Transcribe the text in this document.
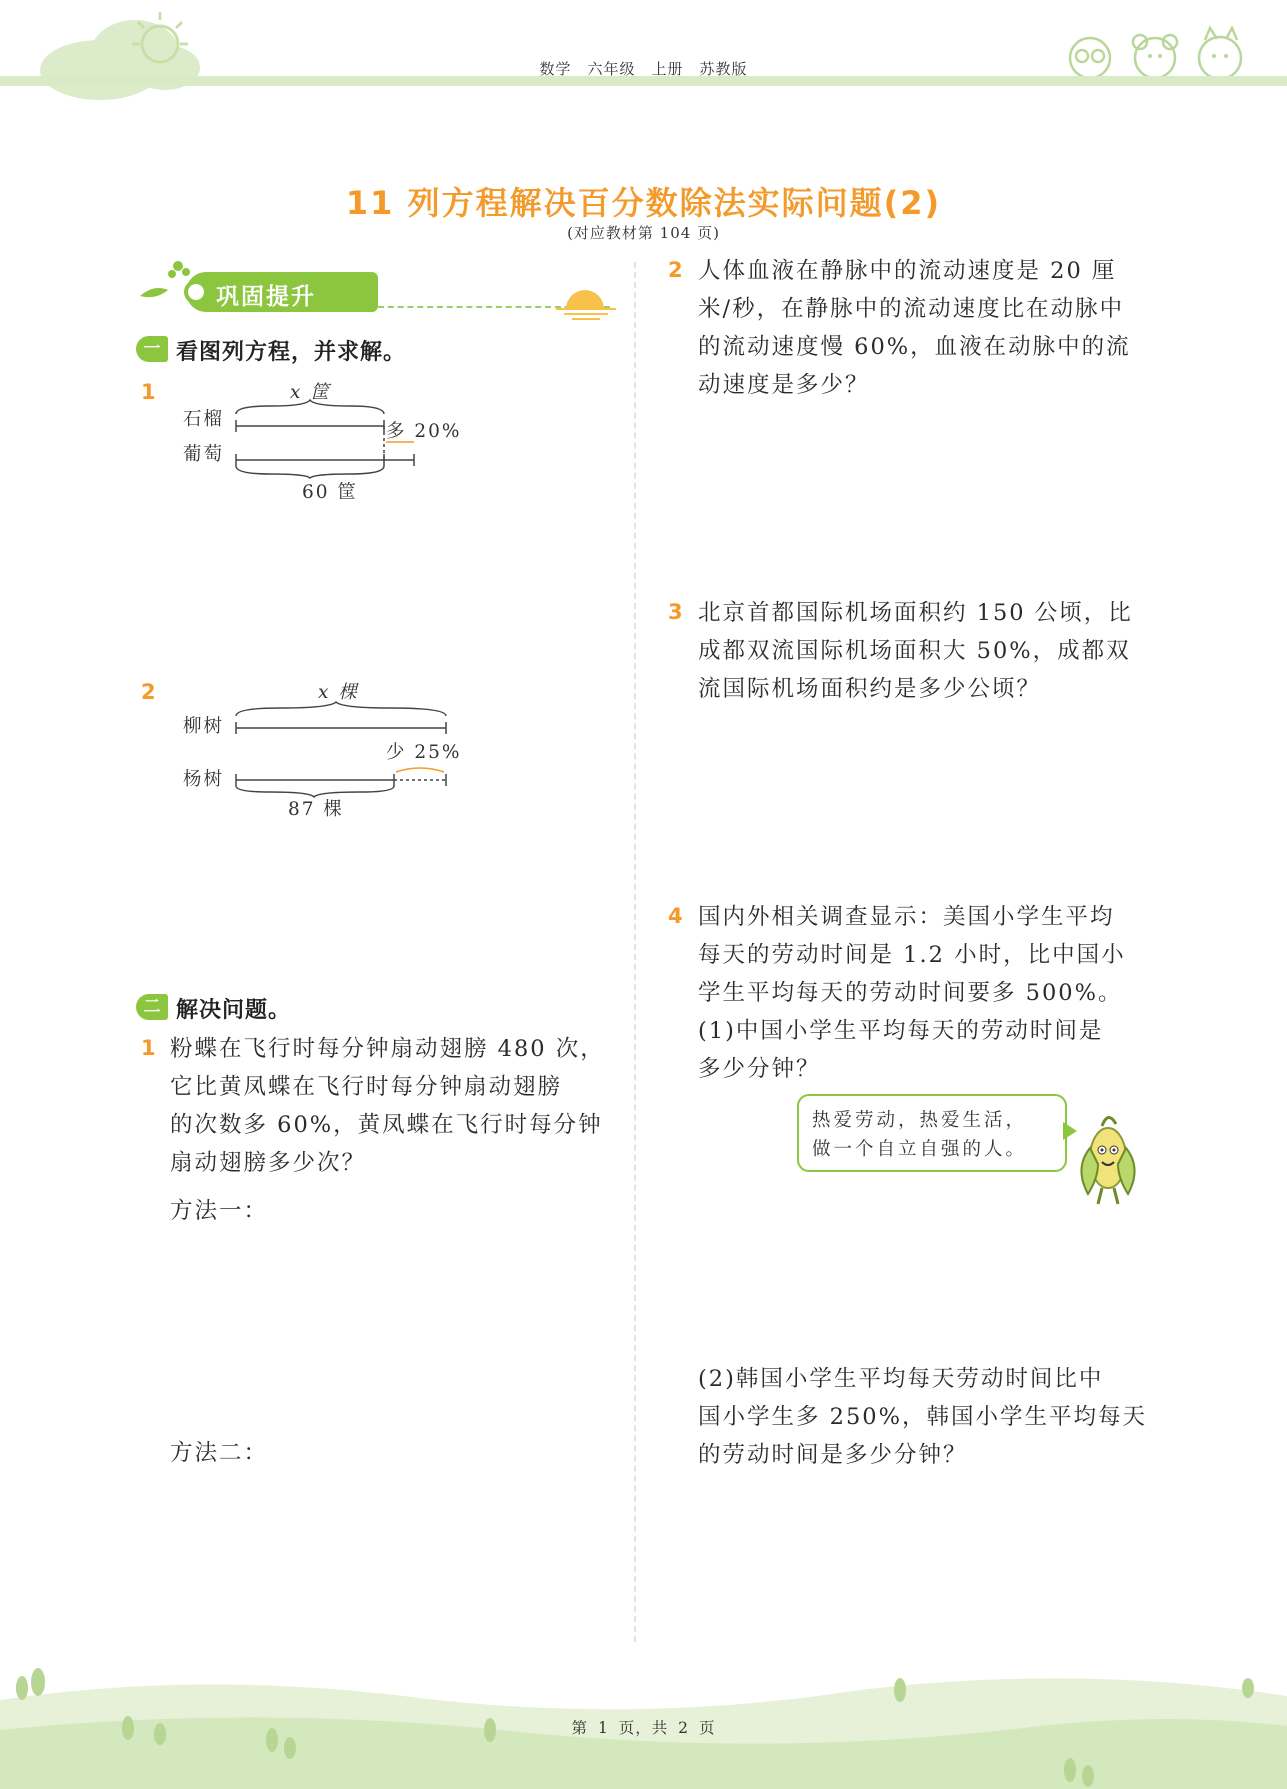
数学　六年级　上册　苏教版
11 列方程解决百分数除法实际问题(2)
(对应教材第 104 页)
巩固提升
一 看图列方程，并求解。
1	x 筐
石榴
葡萄
多 20%
60 筐
2	x 棵
柳树
少 25%
杨树
87 棵
二 解决问题。
1 粉蝶在飞行时每分钟扇动翅膀 480 次，
它比黄凤蝶在飞行时每分钟扇动翅膀
的次数多 60%，黄凤蝶在飞行时每分钟
扇动翅膀多少次？
方法一：
方法二：
2 人体血液在静脉中的流动速度是 20 厘
米/秒，在静脉中的流动速度比在动脉中
的流动速度慢 60%，血液在动脉中的流
动速度是多少？
3 北京首都国际机场面积约 150 公顷，比
成都双流国际机场面积大 50%，成都双
流国际机场面积约是多少公顷？
4 国内外相关调查显示：美国小学生平均
每天的劳动时间是 1.2 小时，比中国小
学生平均每天的劳动时间要多 500%。
(1)中国小学生平均每天的劳动时间是
多少分钟？
热爱劳动，热爱生活，
做一个自立自强的人。
(2)韩国小学生平均每天劳动时间比中
国小学生多 250%，韩国小学生平均每天
的劳动时间是多少分钟？
第 1 页，共 2 页
